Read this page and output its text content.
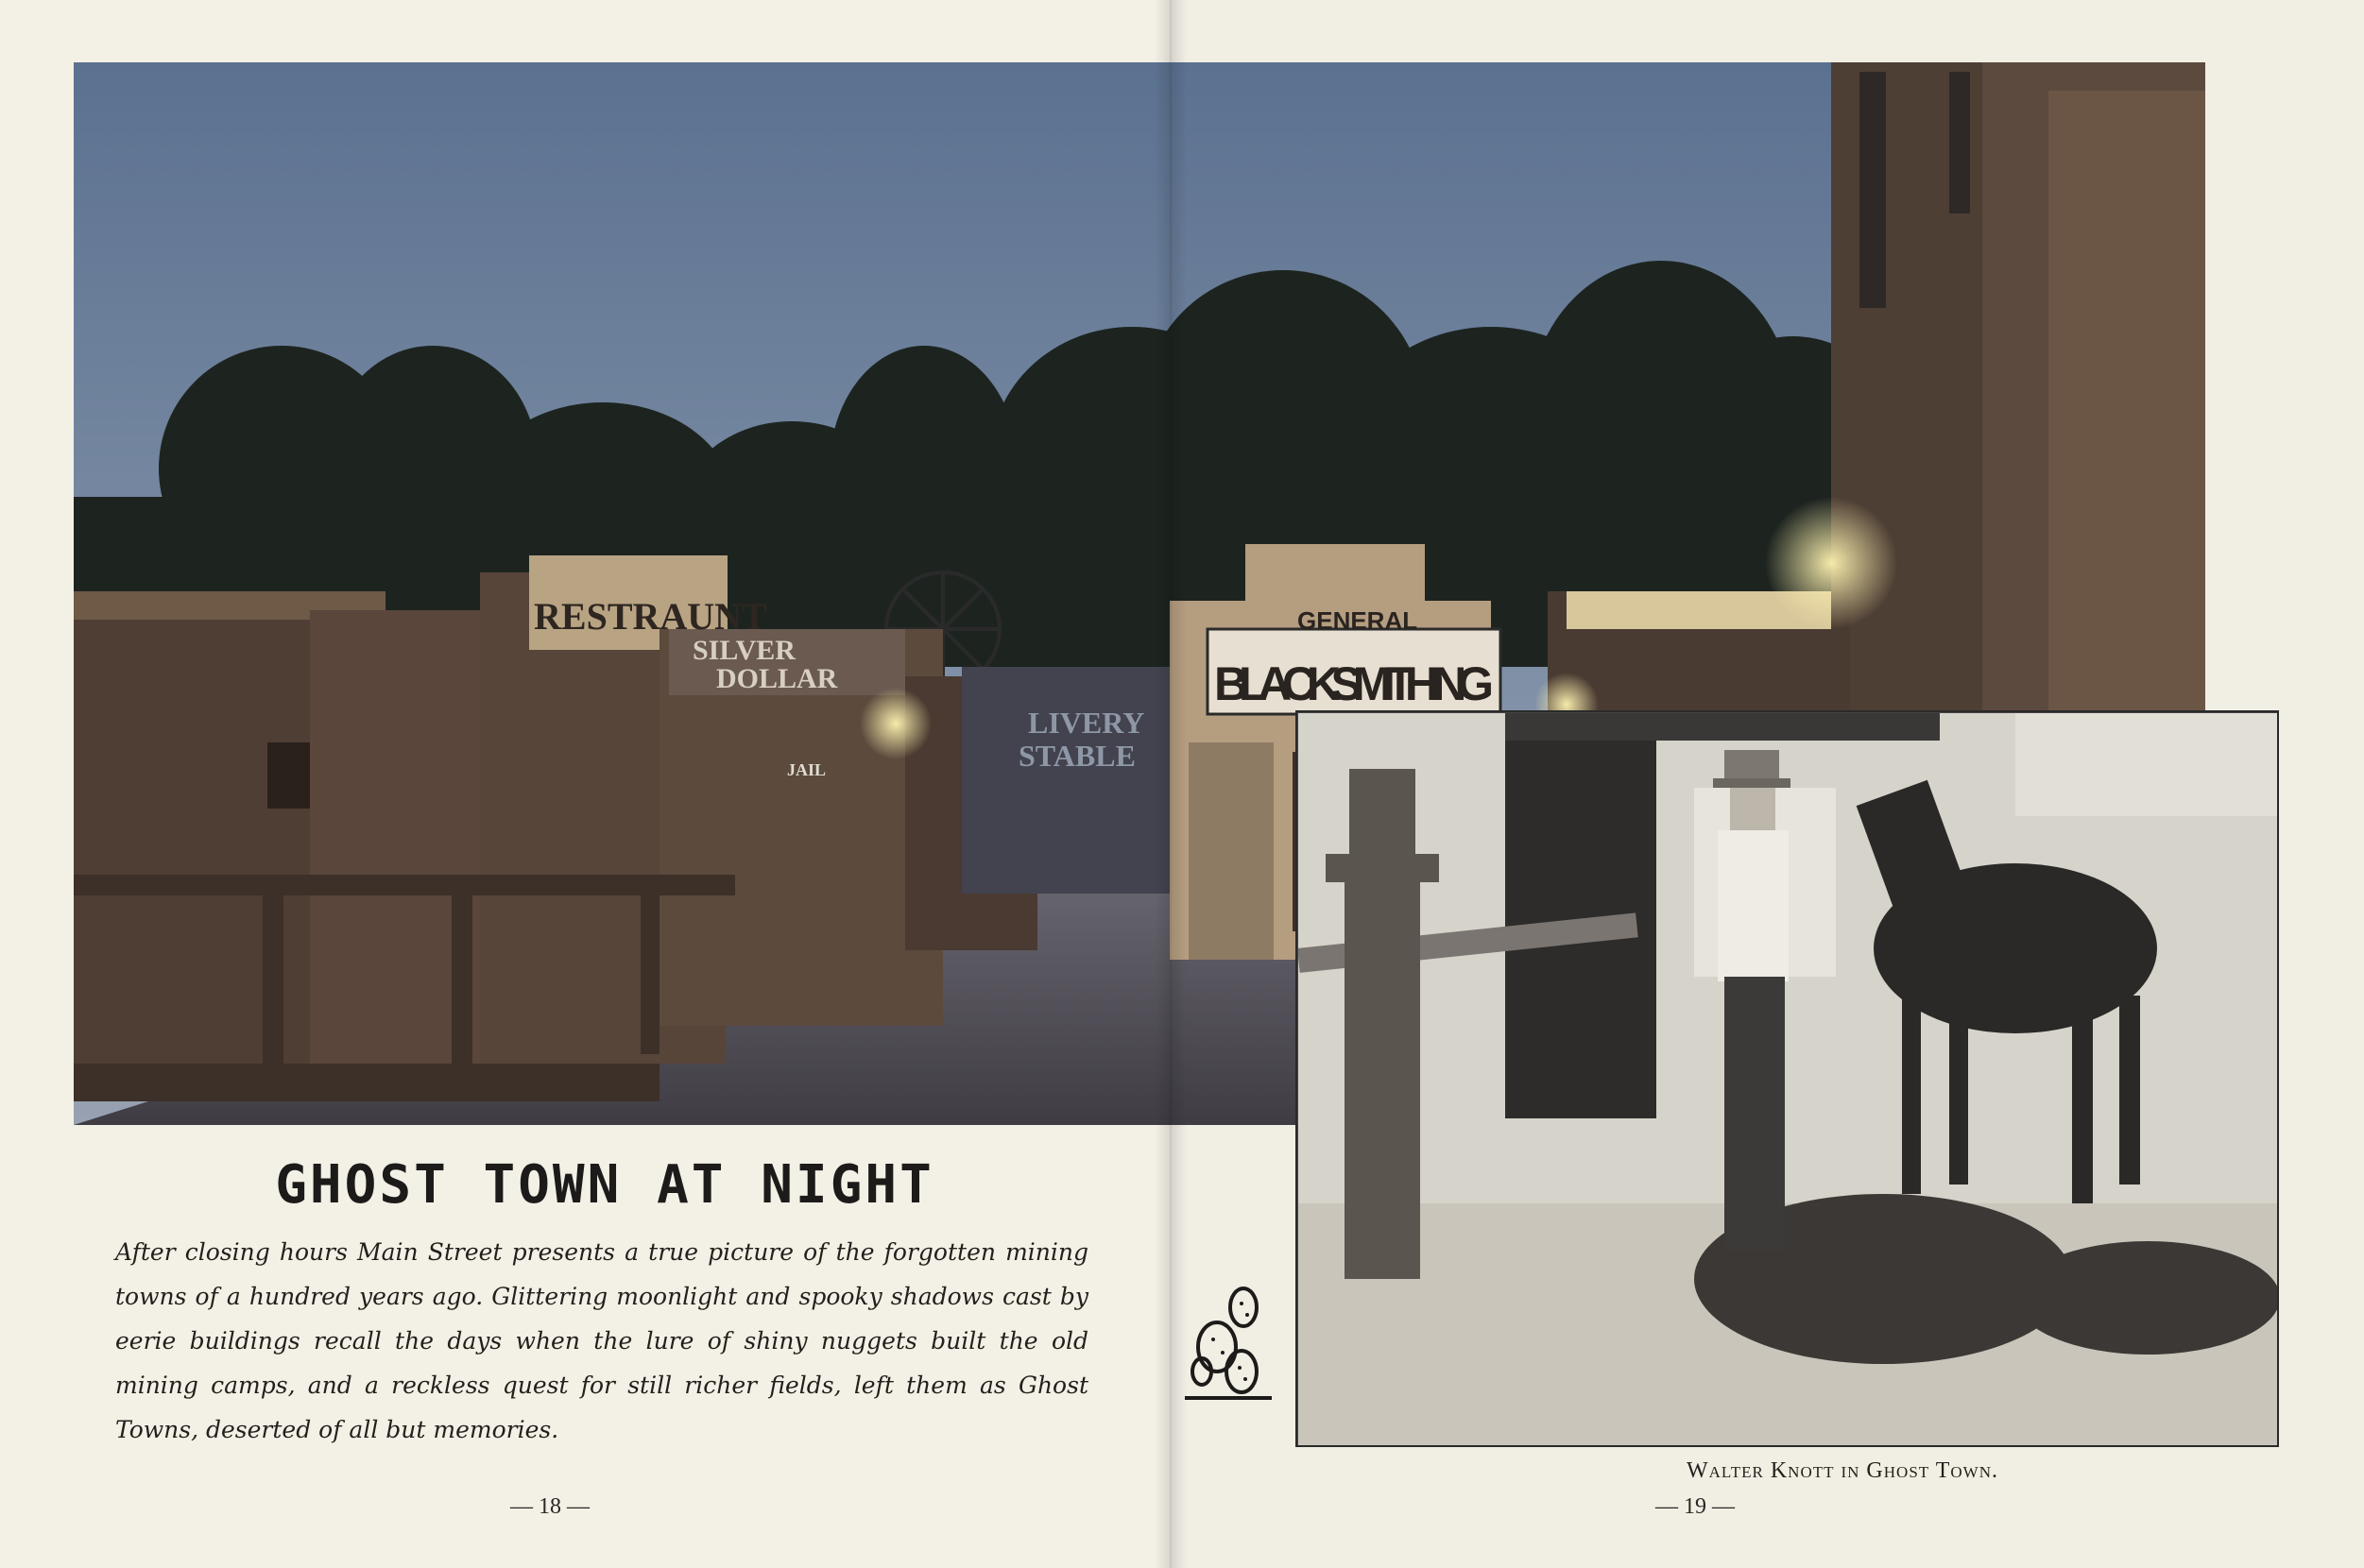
RESTRAUNT
SILVER
DOLLAR
LIVERY
STABLE
JAIL
GENERAL
BLACKSMITHING
GHOST TOWN AT NIGHT
After closing hours Main Street presents a true picture of the forgotten mining towns of a hundred years ago. Glittering moonlight and spooky shadows cast by eerie buildings recall the days when the lure of shiny nuggets built the old mining camps, and a reckless quest for still richer fields, left them as Ghost Towns, deserted of all but memories.
Walter Knott in Ghost Town.
— 18 —	— 19 —
